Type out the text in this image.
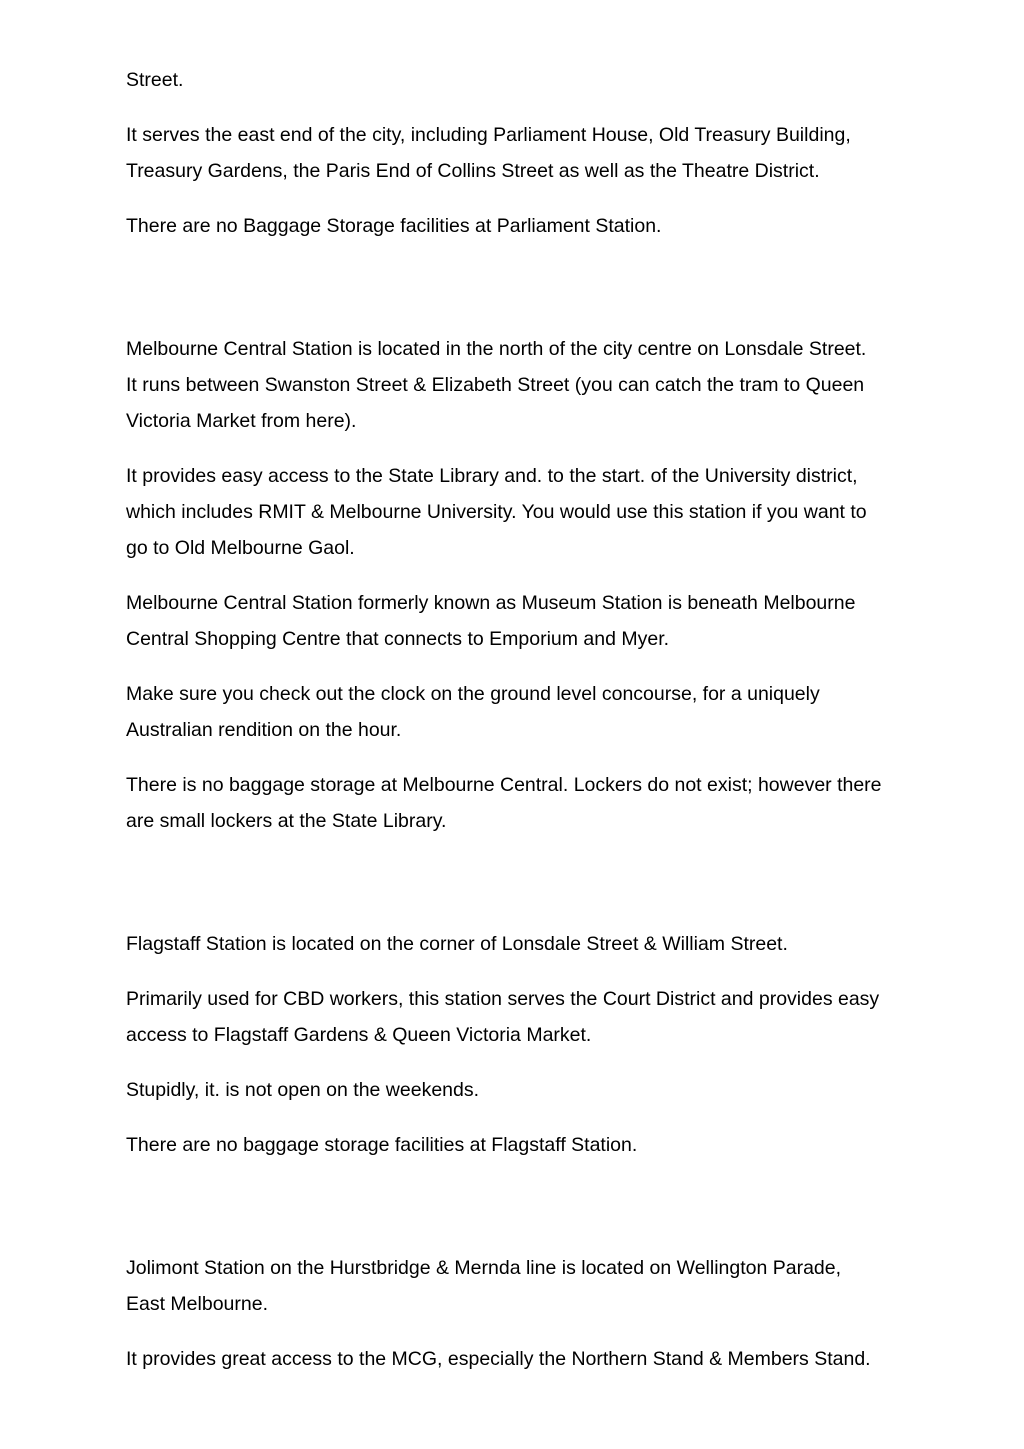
Street.

It serves the east end of the city, including Parliament House, Old Treasury Building,
Treasury Gardens, the Paris End of Collins Street as well as the Theatre District.

There are no Baggage Storage facilities at Parliament Station.

Melbourne Central Station is located in the north of the city centre on Lonsdale Street.
It runs between Swanston Street & Elizabeth Street (you can catch the tram to Queen
Victoria Market from here).

It provides easy access to the State Library and. to the start. of the University district,
which includes RMIT & Melbourne University. You would use this station if you want to
go to Old Melbourne Gaol.

Melbourne Central Station formerly known as Museum Station is beneath Melbourne
Central Shopping Centre that connects to Emporium and Myer.

Make sure you check out the clock on the ground level concourse, for a uniquely
Australian rendition on the hour.

There is no baggage storage at Melbourne Central. Lockers do not exist; however there
are small lockers at the State Library.

Flagstaff Station is located on the corner of Lonsdale Street & William Street.

Primarily used for CBD workers, this station serves the Court District and provides easy
access to Flagstaff Gardens & Queen Victoria Market.

Stupidly, it. is not open on the weekends.

There are no baggage storage facilities at Flagstaff Station.

Jolimont Station on the Hurstbridge & Mernda line is located on Wellington Parade,
East Melbourne.

It provides great access to the MCG, especially the Northern Stand & Members Stand.
